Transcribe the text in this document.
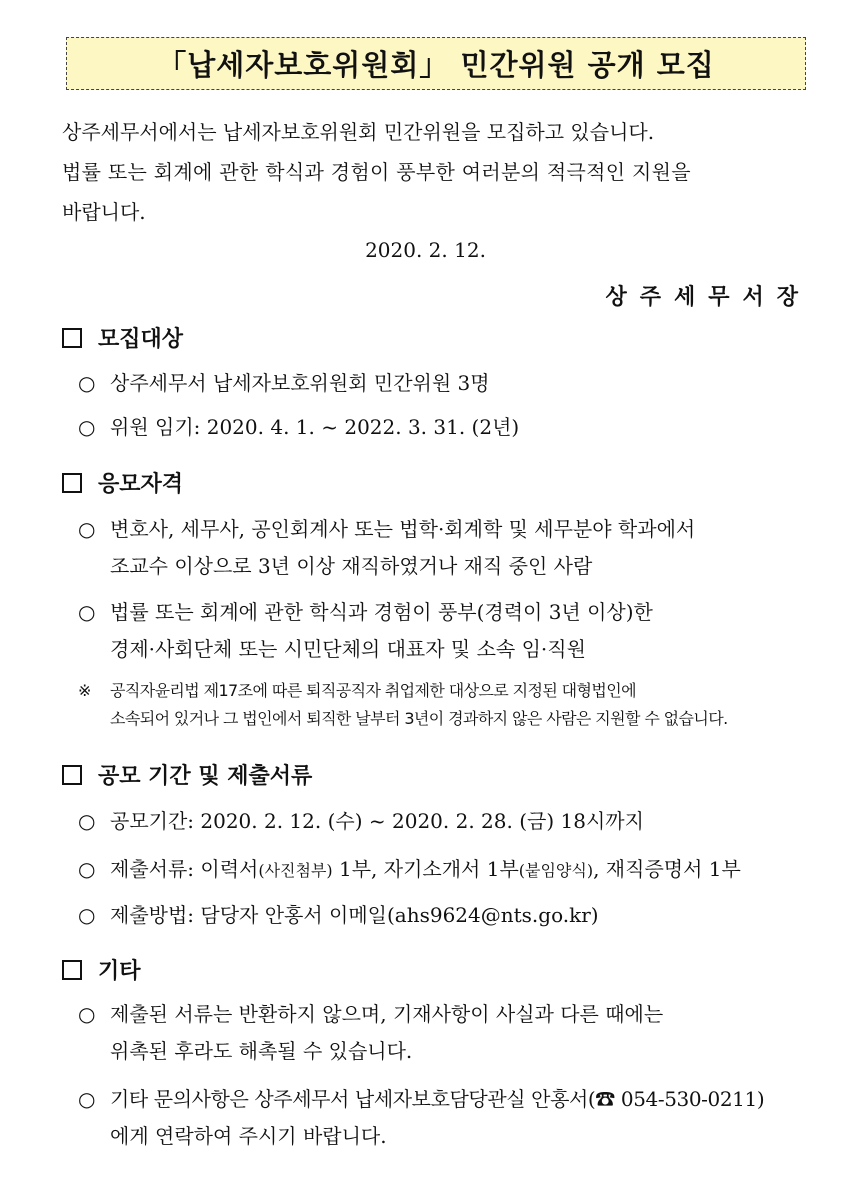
「납세자보호위원회」 민간위원 공개 모집
상주세무서에서는 납세자보호위원회 민간위원을 모집하고 있습니다.
법률 또는 회계에 관한 학식과 경험이 풍부한 여러분의 적극적인 지원을
바랍니다.
2020. 2. 12.
상주세무서장
모집대상
○ 상주세무서 납세자보호위원회 민간위원 3명
○ 위원 임기: 2020. 4. 1. ~ 2022. 3. 31. (2년)
응모자격
○ 변호사, 세무사, 공인회계사 또는 법학·회계학 및 세무분야 학과에서
조교수 이상으로 3년 이상 재직하였거나 재직 중인 사람
○ 법률 또는 회계에 관한 학식과 경험이 풍부(경력이 3년 이상)한
경제·사회단체 또는 시민단체의 대표자 및 소속 임·직원
※ 공직자윤리법 제17조에 따른 퇴직공직자 취업제한 대상으로 지정된 대형법인에
소속되어 있거나 그 법인에서 퇴직한 날부터 3년이 경과하지 않은 사람은 지원할 수 없습니다.
공모 기간 및 제출서류
○ 공모기간: 2020. 2. 12. (수) ~ 2020. 2. 28. (금) 18시까지
○ 제출서류: 이력서(사진첨부) 1부, 자기소개서 1부(붙임양식), 재직증명서 1부
○ 제출방법: 담당자 안홍서 이메일(ahs9624@nts.go.kr)
기타
○ 제출된 서류는 반환하지 않으며, 기재사항이 사실과 다른 때에는
위촉된 후라도 해촉될 수 있습니다.
○ 기타 문의사항은 상주세무서 납세자보호담당관실 안홍서(☎ 054-530-0211)
에게 연락하여 주시기 바랍니다.
